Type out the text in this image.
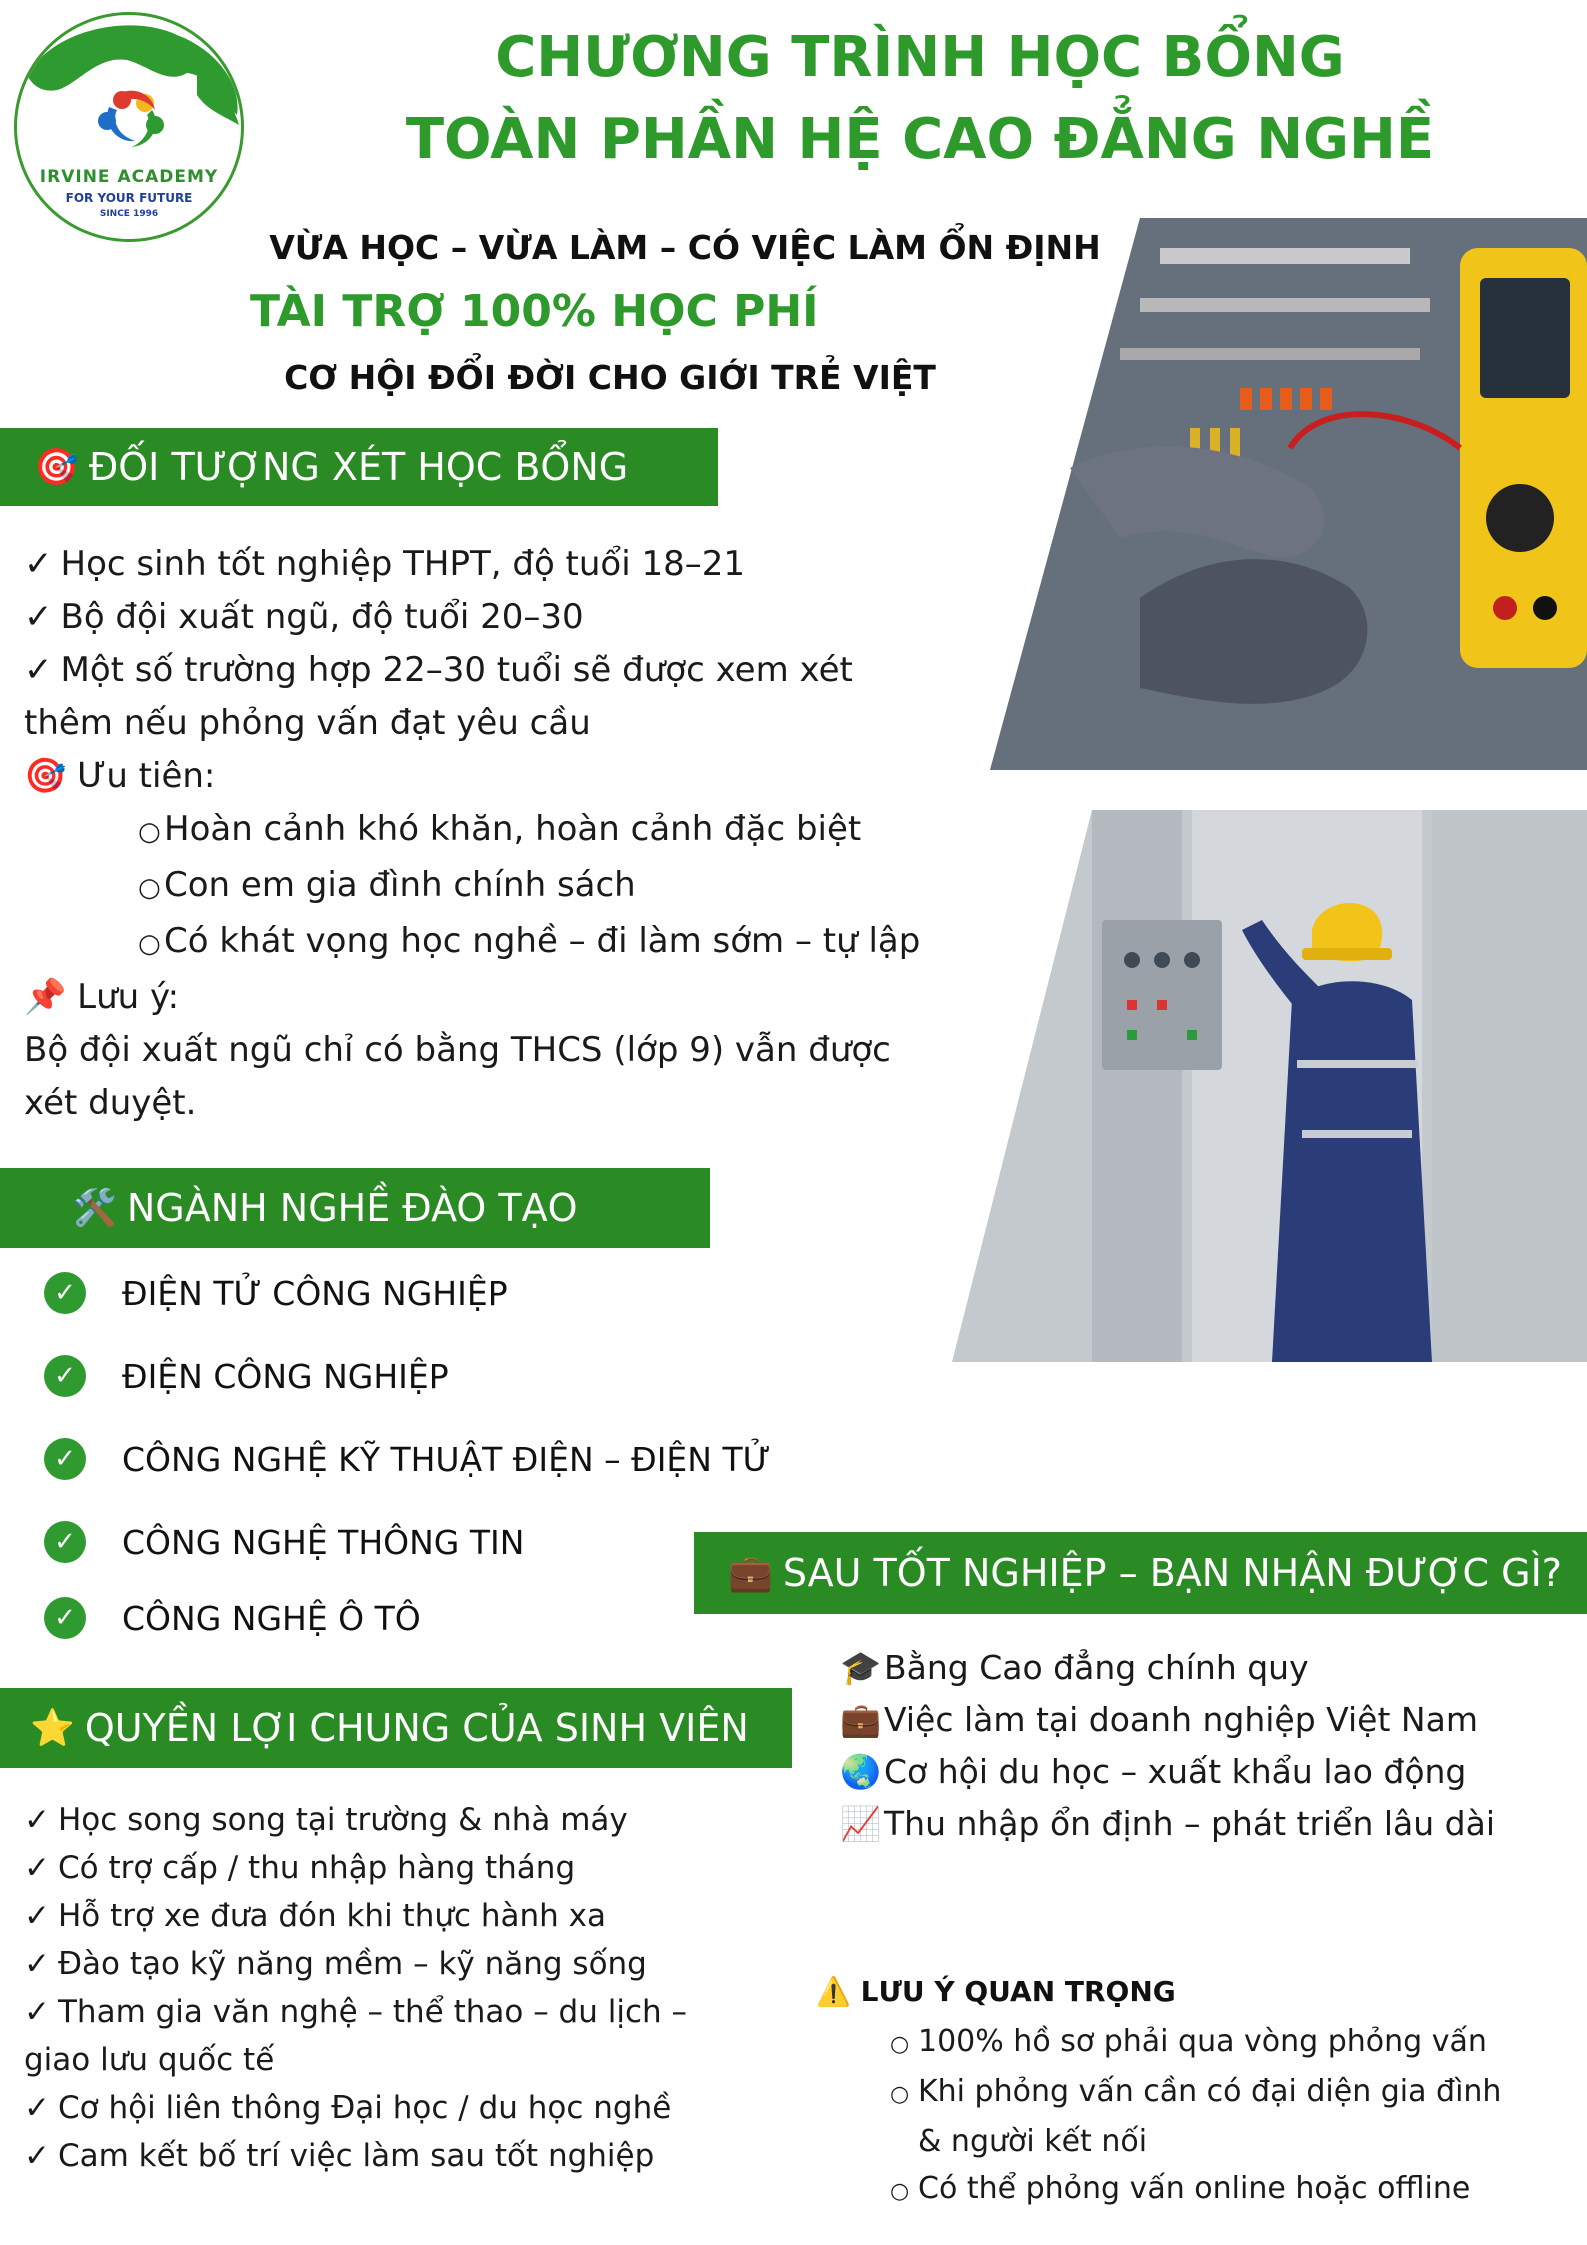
IRVINE ACADEMY
FOR YOUR FUTURE
SINCE 1996
CHƯƠNG TRÌNH HỌC BỔNG
TOÀN PHẦN HỆ CAO ĐẲNG NGHỀ
VỪA HỌC – VỪA LÀM – CÓ VIỆC LÀM ỔN ĐỊNH
TÀI TRỢ 100% HỌC PHÍ
CƠ HỘI ĐỔI ĐỜI CHO GIỚI TRẺ VIỆT
🎯 ĐỐI TƯỢNG XÉT HỌC BỔNG
✓ Học sinh tốt nghiệp THPT, độ tuổi 18–21
✓ Bộ đội xuất ngũ, độ tuổi 20–30
✓ Một số trường hợp 22–30 tuổi sẽ được xem xét
thêm nếu phỏng vấn đạt yêu cầu
🎯 Ưu tiên:
○Hoàn cảnh khó khăn, hoàn cảnh đặc biệt
○Con em gia đình chính sách
○Có khát vọng học nghề – đi làm sớm – tự lập
📌 Lưu ý:
Bộ đội xuất ngũ chỉ có bằng THCS (lớp 9) vẫn được
xét duyệt.
🛠️ NGÀNH NGHỀ ĐÀO TẠO
✓	ĐIỆN TỬ CÔNG NGHIỆP
✓	ĐIỆN CÔNG NGHIỆP
✓	CÔNG NGHỆ KỸ THUẬT ĐIỆN – ĐIỆN TỬ
✓	CÔNG NGHỆ THÔNG TIN
✓	CÔNG NGHỆ Ô TÔ
💼 SAU TỐT NGHIỆP – BẠN NHẬN ĐƯỢC GÌ?
🎓Bằng Cao đẳng chính quy
💼Việc làm tại doanh nghiệp Việt Nam
🌏Cơ hội du học – xuất khẩu lao động
📈Thu nhập ổn định – phát triển lâu dài
⭐ QUYỀN LỢI CHUNG CỦA SINH VIÊN
✓ Học song song tại trường & nhà máy
✓ Có trợ cấp / thu nhập hàng tháng
✓ Hỗ trợ xe đưa đón khi thực hành xa
✓ Đào tạo kỹ năng mềm – kỹ năng sống
✓ Tham gia văn nghệ – thể thao – du lịch –
giao lưu quốc tế
✓ Cơ hội liên thông Đại học / du học nghề
✓ Cam kết bố trí việc làm sau tốt nghiệp
⚠️ LƯU Ý QUAN TRỌNG
○ 100% hồ sơ phải qua vòng phỏng vấn
○ Khi phỏng vấn cần có đại diện gia đình
& người kết nối
○ Có thể phỏng vấn online hoặc offline
